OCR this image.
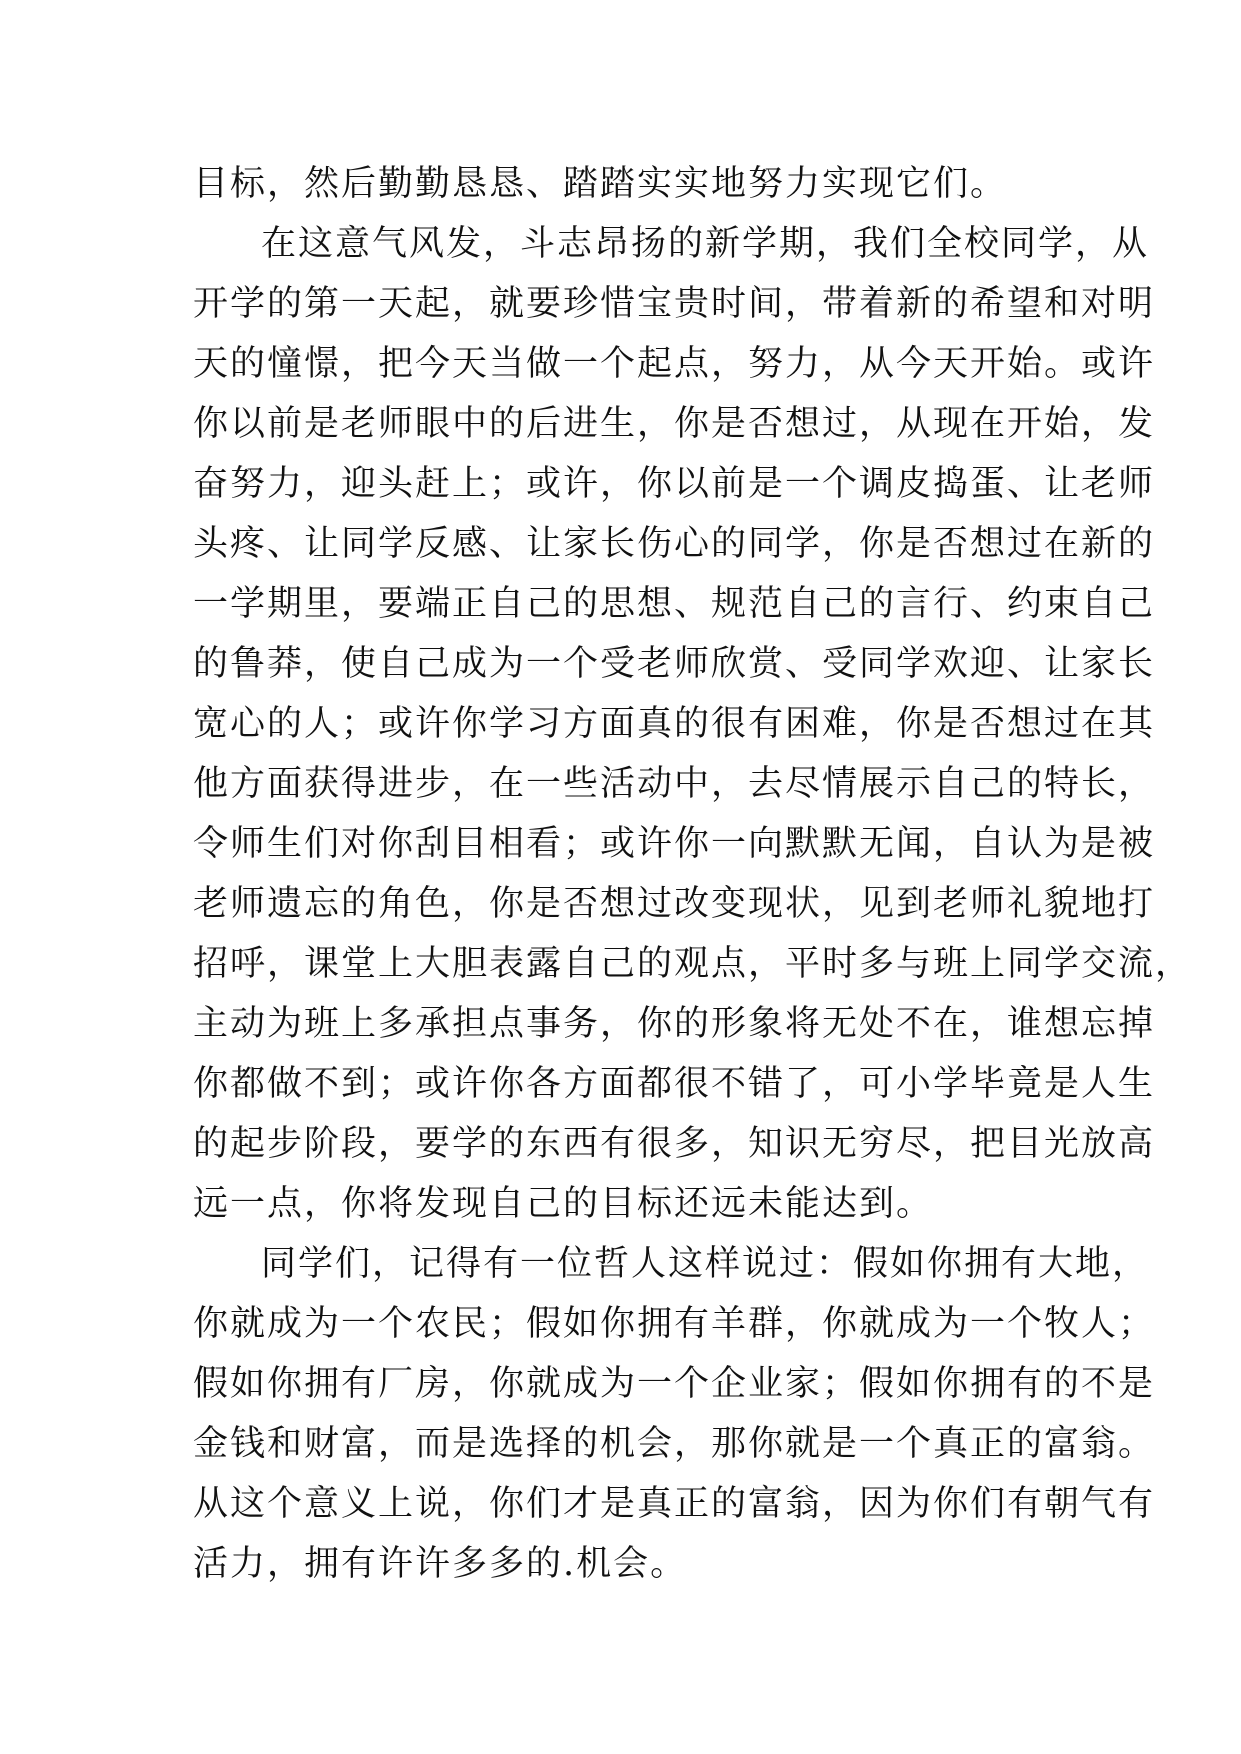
目标，然后勤勤恳恳、踏踏实实地努力实现它们。
在这意气风发，斗志昂扬的新学期，我们全校同学，从
开学的第一天起，就要珍惜宝贵时间，带着新的希望和对明
天的憧憬，把今天当做一个起点，努力，从今天开始。或许
你以前是老师眼中的后进生，你是否想过，从现在开始，发
奋努力，迎头赶上；或许，你以前是一个调皮捣蛋、让老师
头疼、让同学反感、让家长伤心的同学，你是否想过在新的
一学期里，要端正自己的思想、规范自己的言行、约束自己
的鲁莽，使自己成为一个受老师欣赏、受同学欢迎、让家长
宽心的人；或许你学习方面真的很有困难，你是否想过在其
他方面获得进步，在一些活动中，去尽情展示自己的特长，
令师生们对你刮目相看；或许你一向默默无闻，自认为是被
老师遗忘的角色，你是否想过改变现状，见到老师礼貌地打
招呼，课堂上大胆表露自己的观点，平时多与班上同学交流，
主动为班上多承担点事务，你的形象将无处不在，谁想忘掉
你都做不到；或许你各方面都很不错了，可小学毕竟是人生
的起步阶段，要学的东西有很多，知识无穷尽，把目光放高
远一点，你将发现自己的目标还远未能达到。
同学们，记得有一位哲人这样说过：假如你拥有大地，
你就成为一个农民；假如你拥有羊群，你就成为一个牧人；
假如你拥有厂房，你就成为一个企业家；假如你拥有的不是
金钱和财富，而是选择的机会，那你就是一个真正的富翁。
从这个意义上说，你们才是真正的富翁，因为你们有朝气有
活力，拥有许许多多的.机会。
